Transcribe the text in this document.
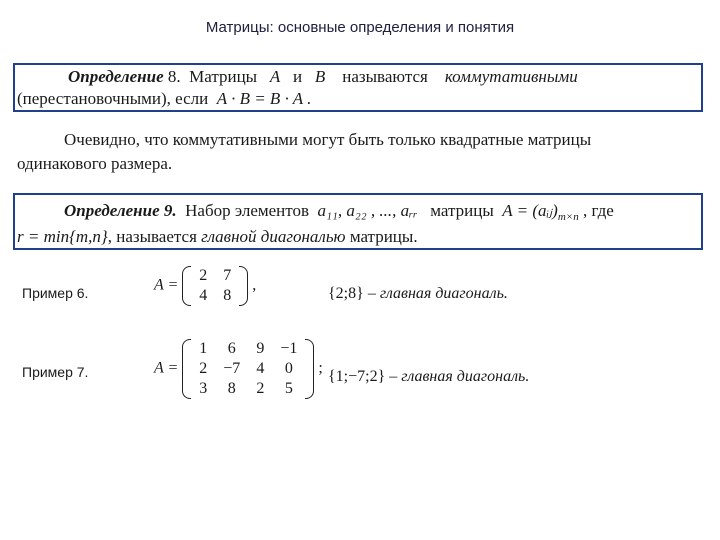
Матрицы: основные определения и понятия
Определение 8. Матрицы A и B называются коммутативными
(перестановочными), если A · B = B · A .
Очевидно, что коммутативными могут быть только квадратные матрицы
одинакового размера.
Определение 9. Набор элементов a₁₁, a₂₂ , ..., aᵣᵣ матрицы $A = (aᵢⱼ)_{m\times n}$ , где
r = min{m,n}, называется главной диагональю матрицы.
Пример 6.	A =
2	7
4	8
,	{2;8} – главная диагональ.
Пример 7.	A =
1	6	9	−1
2	−7	4	0
3	8	2	5
; {1;−7;2} – главная диагональ.
